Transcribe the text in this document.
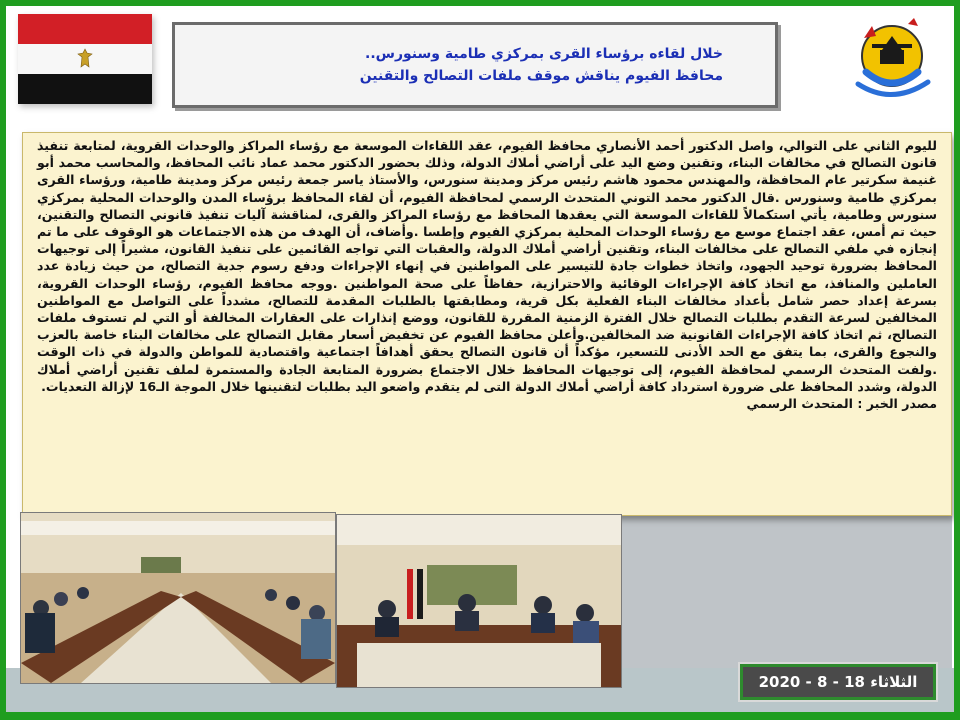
خلال لقاءه برؤساء القرى بمركزي طامية وسنورس..
محافظ الفيوم يناقش موقف ملفات التصالح والتقنين

لليوم الثاني على التوالي، واصل الدكتور أحمد الأنصاري محافظ الفيوم، عقد اللقاءات الموسعة مع رؤساء المراكز والوحدات القروية، لمتابعة تنفيذ قانون التصالح في مخالفات البناء، وتقنين وضع اليد على أراضي أملاك الدولة، وذلك بحضور الدكتور محمد عماد نائب المحافظ، والمحاسب محمد أبو غنيمة سكرتير عام المحافظة، والمهندس محمود هاشم رئيس مركز ومدينة سنورس، والأستاذ ياسر جمعة رئيس مركز ومدينة طامية، ورؤساء القرى بمركزي طامية وسنورس .قال الدكتور محمد التوني المتحدث الرسمي لمحافظة الفيوم، أن لقاء المحافظ برؤساء المدن والوحدات المحلية بمركزي سنورس وطامية، يأتي استكمالاً للقاءات الموسعة التي يعقدها المحافظ مع رؤساء المراكز والقرى، لمناقشة آليات تنفيذ قانوني التصالح والتقنين، حيث تم أمس، عقد اجتماع موسع مع رؤساء الوحدات المحلية بمركزي الفيوم وإطسا .وأضاف، أن الهدف من هذه الاجتماعات هو الوقوف على ما تم إنجازه في ملفي التصالح على مخالفات البناء، وتقنين أراضي أملاك الدولة، والعقبات التي تواجه القائمين على تنفيذ القانون، مشيراً إلى توجيهات المحافظ بضرورة توحيد الجهود، واتخاذ خطوات جادة للتيسير على المواطنين في إنهاء الإجراءات ودفع رسوم جدية التصالح، من حيث زيادة عدد العاملين والمنافذ، مع اتخاذ كافة الإجراءات الوقائية والاحترازية، حفاظاً على صحة المواطنين .ووجه محافظ الفيوم، رؤساء الوحدات القروية، بسرعة إعداد حصر شامل بأعداد مخالفات البناء الفعلية بكل قرية، ومطابقتها بالطلبات المقدمة للتصالح، مشدداً على التواصل مع المواطنين المخالفين لسرعة التقدم بطلبات التصالح خلال الفترة الزمنية المقررة للقانون، ووضع إنذارات على العقارات المخالفة أو التي لم تستوف ملفات التصالح، ثم اتخاذ كافة الإجراءات القانونية ضد المخالفين.وأعلن محافظ الفيوم عن تخفيض أسعار مقابل التصالح على مخالفات البناء خاصة بالعزب والنجوع والقرى، بما يتفق مع الحد الأدنى للتسعير، مؤكداً أن قانون التصالح يحقق أهدافاً اجتماعية واقتصادية للمواطن والدولة في ذات الوقت .ولفت المتحدث الرسمي لمحافظة الفيوم، إلى توجيهات المحافظ خلال الاجتماع بضرورة المتابعة الجادة والمستمرة لملف تقنين أراضي أملاك الدولة، وشدد المحافظ على ضرورة استرداد كافة أراضي أملاك الدولة التى لم يتقدم واضعو اليد بطلبات لتقنينها خلال الموجة الـ16 لإزالة التعديات.

مصدر الخبر : المتحدث الرسمي

الثلاثاء 18 - 8 - 2020
